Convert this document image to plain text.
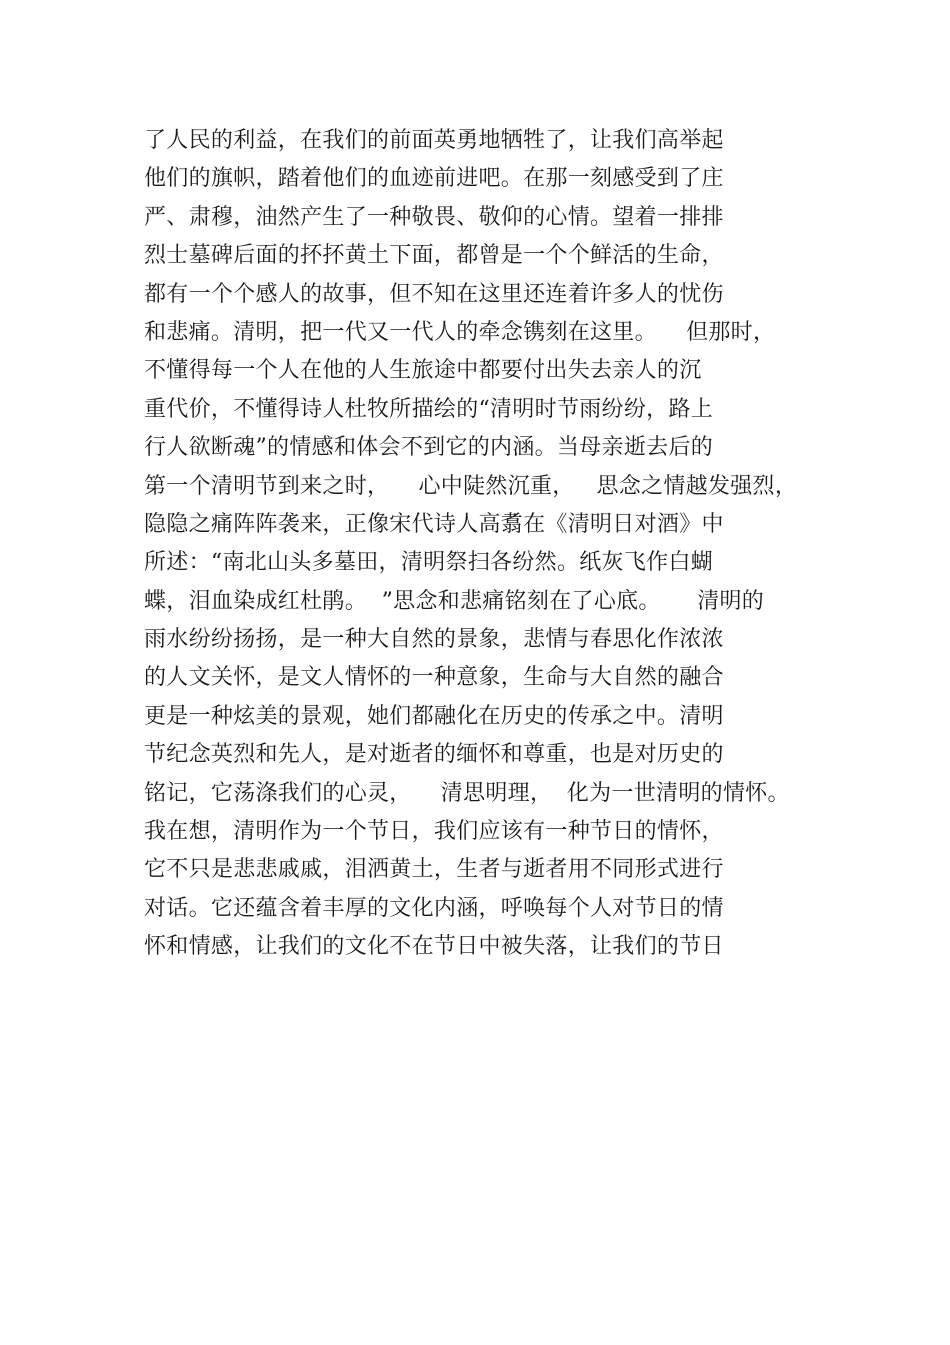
了人民的利益，在我们的前面英勇地牺牲了，让我们高举起
他们的旗帜，踏着他们的血迹前进吧。在那一刻感受到了庄
严、肃穆，油然产生了一种敬畏、敬仰的心情。望着一排排
烈士墓碑后面的抔抔黄土下面，都曾是一个个鲜活的生命，
都有一个个感人的故事，但不知在这里还连着许多人的忧伤
和悲痛。清明，把一代又一代人的牵念镌刻在这里。    但那时，
不懂得每一个人在他的人生旅途中都要付出失去亲人的沉
重代价，不懂得诗人杜牧所描绘的“清明时节雨纷纷，路上
行人欲断魂”的情感和体会不到它的内涵。当母亲逝去后的
第一个清明节到来之时，    心中陡然沉重，   思念之情越发强烈，
隐隐之痛阵阵袭来，正像宋代诗人高翥在《清明日对酒》中
所述：“南北山头多墓田，清明祭扫各纷然。纸灰飞作白蝴
蝶，泪血染成红杜鹃。  ”思念和悲痛铭刻在了心底。     清明的
雨水纷纷扬扬，是一种大自然的景象，悲情与春思化作浓浓
的人文关怀，是文人情怀的一种意象，生命与大自然的融合
更是一种炫美的景观，她们都融化在历史的传承之中。清明
节纪念英烈和先人，是对逝者的缅怀和尊重，也是对历史的
铭记，它荡涤我们的心灵，    清思明理，  化为一世清明的情怀。
我在想，清明作为一个节日，我们应该有一种节日的情怀，
它不只是悲悲戚戚，泪洒黄土，生者与逝者用不同形式进行
对话。它还蕴含着丰厚的文化内涵，呼唤每个人对节日的情
怀和情感，让我们的文化不在节日中被失落，让我们的节日
